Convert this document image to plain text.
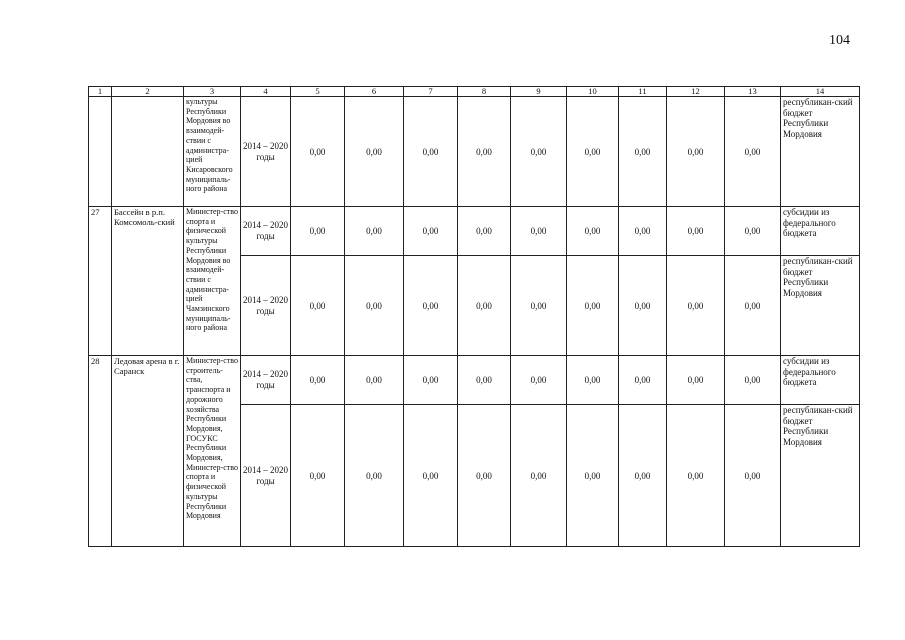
104
1	2	3	4	5	6	7	8	9	10	11	12	13	14
		культуры Республики Мордовия во взаимодей-ствии с администра-цией Кисаровского муниципаль-ного района	2014 – 2020 годы	0,00	0,00	0,00	0,00	0,00	0,00	0,00	0,00	0,00	республикан-ский бюджет Республики Мордовия
27	Бассейн в р.п. Комсомоль-ский	Министер-ство спорта и физической культуры Республики Мордовия во взаимодей-ствии с администра-цией Чамзинского муниципаль-ного района	2014 – 2020 годы	0,00	0,00	0,00	0,00	0,00	0,00	0,00	0,00	0,00	субсидии из федерального бюджета
			2014 – 2020 годы	0,00	0,00	0,00	0,00	0,00	0,00	0,00	0,00	0,00	республикан-ский бюджет Республики Мордовия
28	Ледовая арена в г. Саранск	Министер-ство строитель-ства, транспорта и дорожного хозяйства Республики Мордовия, ГОСУКС Республики Мордовия, Министер-ство спорта и физической культуры Республики Мордовия	2014 – 2020 годы	0,00	0,00	0,00	0,00	0,00	0,00	0,00	0,00	0,00	субсидии из федерального бюджета
			2014 – 2020 годы	0,00	0,00	0,00	0,00	0,00	0,00	0,00	0,00	0,00	республикан-ский бюджет Республики Мордовия
